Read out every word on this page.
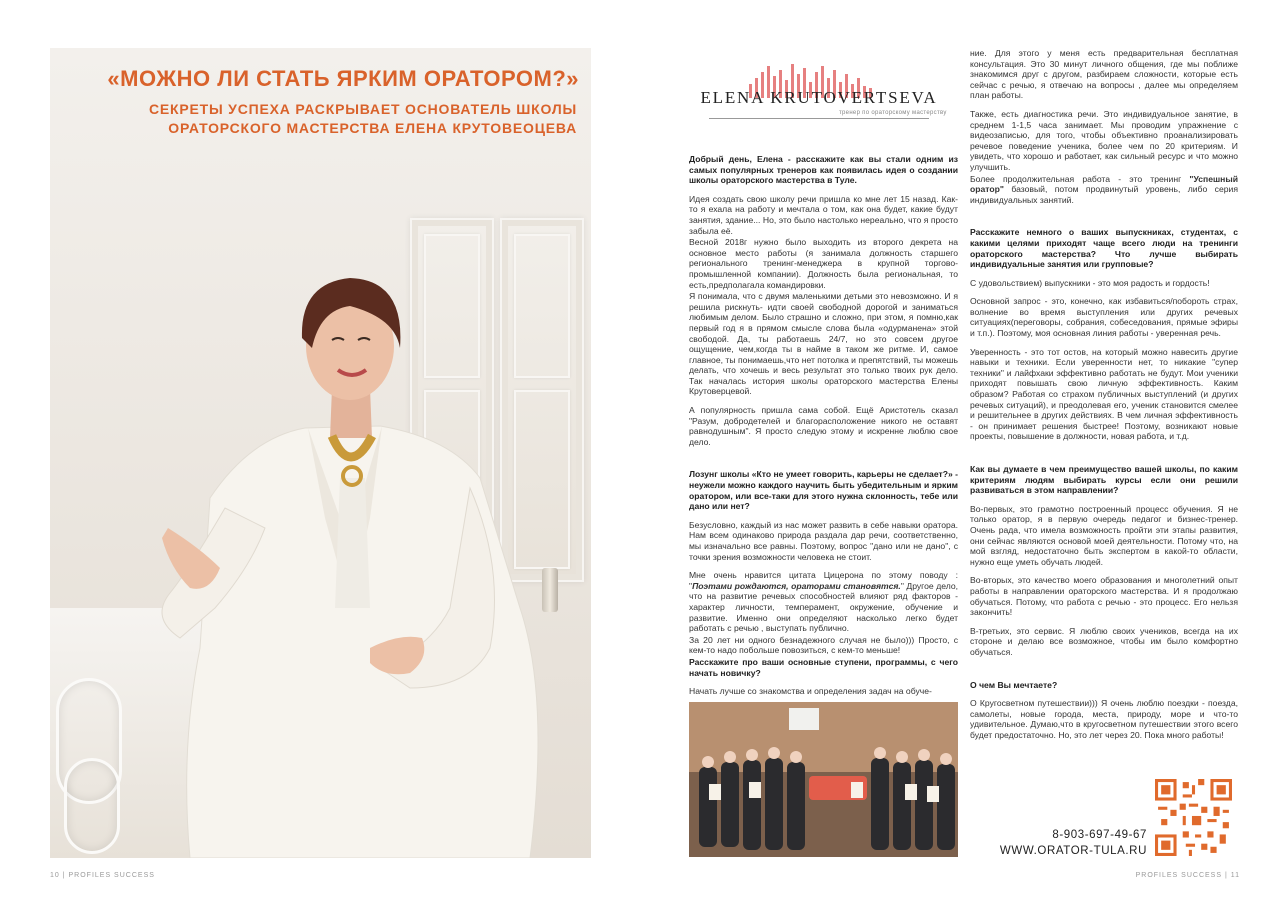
«МОЖНО ЛИ СТАТЬ ЯРКИМ ОРАТОРОМ?»
СЕКРЕТЫ УСПЕХА РАСКРЫВАЕТ ОСНОВАТЕЛЬ ШКОЛЫ
ОРАТОРСКОГО МАСТЕРСТВА ЕЛЕНА КРУТОВЕОЦЕВА
10 | PROFILES SUCCESS
ELENA KRUTOVERTSEVA
тренер по ораторскому мастерству

Добрый день, Елена - расскажите как вы стали одним из самых популярных тренеров как появилась идея о создании школы ораторского мастерства в Туле.

Идея создать свою школу речи пришла ко мне лет 15 назад. Как-то я ехала на работу и мечтала о том, как она будет, какие будут занятия, здание... Но, это было настолько нереально, что я просто забыла её.

Весной 2018г нужно было выходить из второго декрета на основное место работы (я занимала должность старшего регионального тренинг-менеджера в крупной торгово-промышленной компании). Должность была региональная, то есть,предполагала командировки.

Я понимала, что с двумя маленькими детьми это невозможно. И я решила рискнуть- идти своей свободной дорогой и заниматься любимым делом. Было страшно и сложно, при этом, я помню,как первый год я в прямом смысле слова была «одурманена» этой свободой. Да, ты работаешь 24/7, но это совсем другое ощущение, чем,когда ты в найме в таком же ритме. И, самое главное, ты понимаешь,что нет потолка и препятствий, ты можешь делать, что хочешь и весь результат это только твоих рук дело. Так началась история школы ораторского мастерства Елены Крутоверцевой.

А популярность пришла сама собой. Ещё Аристотель сказал "Разум, добродетелей и благорасположение никого не оставят равнодушным". Я просто следую этому и искренне люблю свое дело.

Лозунг школы «Кто не умеет говорить, карьеры не сделает?» - неужели можно каждого научить быть убедительным и ярким оратором, или все-таки для этого нужна склонность, тебе или дано или нет?

Безусловно, каждый из нас может развить в себе навыки оратора. Нам всем одинаково природа раздала дар речи, соответственно, мы изначально все равны. Поэтому, вопрос "дано или не дано", с точки зрения возможности человека не стоит.

Мне очень нравится цитата Цицерона по этому поводу : "Поэтами рождаются, ораторами становятся." Другое дело, что на развитие речевых способностей влияют ряд факторов - характер личности, темперамент, окружение, обучение и развитие. Именно они определяют насколько легко будет работать с речью , выступать публично.

За 20 лет ни одного безнадежного случая не было))) Просто, с кем-то надо побольше повозиться, с кем-то меньше!

Расскажите про ваши основные ступени, программы, с чего начать новичку?

Начать лучше со знакомства и определения задач на обуче-

ние. Для этого у меня есть предварительная бесплатная консультация. Это 30 минут личного общения, где мы поближе знакомимся друг с другом, разбираем сложности, которые есть сейчас с речью, я отвечаю на вопросы , далее мы определяем план работы.

Также, есть диагностика речи. Это индивидуальное занятие, в среднем 1-1,5 часа занимает. Мы проводим упражнение с видеозаписью, для того, чтобы объективно проанализировать речевое поведение ученика, более чем по 20 критериям. И увидеть, что хорошо и работает, как сильный ресурс и что можно улучшить.

Более продолжительная работа - это тренинг "Успешный оратор" базовый, потом продвинутый уровень, либо серия индивидуальных занятий.

Расскажите немного о ваших выпускниках, студентах, с какими целями приходят чаще всего люди на тренинги ораторского мастерства? Что лучше выбирать индивидуальные занятия или групповые?

С удовольствием) выпускники - это моя радость и гордость!

Основной запрос - это, конечно, как избавиться/побороть страх, волнение во время выступления или других речевых ситуациях(переговоры, собрания, собеседования, прямые эфиры и т.п.). Поэтому, моя основная линия работы - уверенная речь.

Уверенность - это тот остов, на который можно навесить другие навыки и техники. Если уверенности нет, то никакие "супер техники" и лайфхаки эффективно работать не будут. Мои ученики приходят повышать свою личную эффективность. Каким образом? Работая со страхом публичных выступлений (и других речевых ситуаций), и преодолевая его, ученик становится смелее и решительнее в других действиях. В чем личная эффективность - он принимает решения быстрее! Поэтому, возникают новые проекты, повышение в должности, новая работа, и т.д.

Как вы думаете в чем преимущество вашей школы, по каким критериям людям выбирать курсы если они решили развиваться в этом направлении?

Во-первых, это грамотно построенный процесс обучения. Я не только оратор, я в первую очередь педагог и бизнес-тренер. Очень рада, что имела возможность пройти эти этапы развития, они сейчас являются основой моей деятельности. Потому что, на мой взгляд, недостаточно быть экспертом в какой-то области, нужно еще уметь обучать людей.

Во-вторых, это качество моего образования и многолетний опыт работы в направлении ораторского мастерства. И я продолжаю обучаться. Потому, что работа с речью - это процесс. Его нельзя закончить!

В-третьих, это сервис. Я люблю своих учеников, всегда на их стороне и делаю все возможное, чтобы им было комфортно обучаться.

О чем Вы мечтаете?

О Кругосветном путешествии))) Я очень люблю поездки - поезда, самолеты, новые города, места, природу, море и что-то удивительное. Думаю,что в кругосветном путешествии этого всего будет предостаточно. Но, это лет через 20. Пока много работы!

8-903-697-49-67
WWW.ORATOR-TULA.RU
PROFILES SUCCESS | 11
